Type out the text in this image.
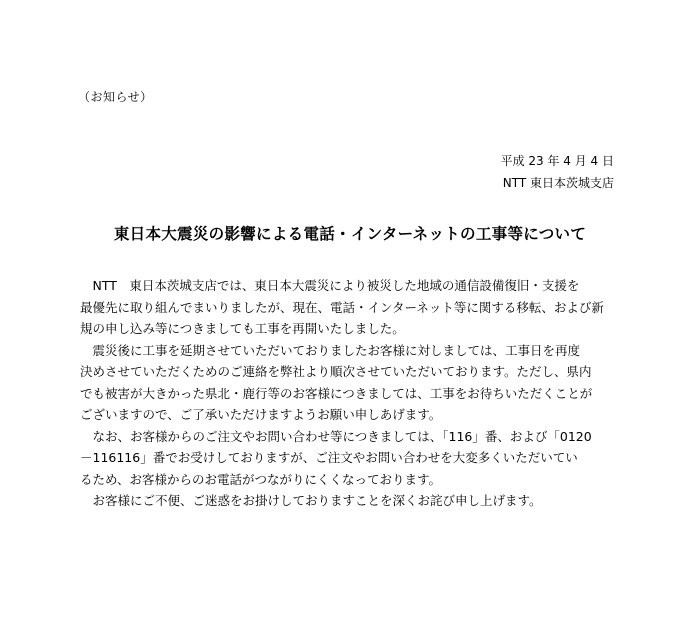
（お知らせ）
平成 23 年 4 月 4 日
NTT 東日本茨城支店
東日本大震災の影響による電話・インターネットの工事等について

　NTT　東日本茨城支店では、東日本大震災により被災した地域の通信設備復旧・支援を
最優先に取り組んでまいりましたが、現在、電話・インターネット等に関する移転、および新
規の申し込み等につきましても工事を再開いたしました。

　震災後に工事を延期させていただいておりましたお客様に対しましては、工事日を再度
決めさせていただくためのご連絡を弊社より順次させていただいております。ただし、県内
でも被害が大きかった県北・鹿行等のお客様につきましては、工事をお待ちいただくことが
ございますので、ご了承いただけますようお願い申しあげます。

　なお、お客様からのご注文やお問い合わせ等につきましては、「116」番、および「0120
－116116」番でお受けしておりますが、ご注文やお問い合わせを大変多くいただいてい
るため、お客様からのお電話がつながりにくくなっております。

　お客様にご不便、ご迷惑をお掛けしておりますことを深くお詫び申し上げます。
